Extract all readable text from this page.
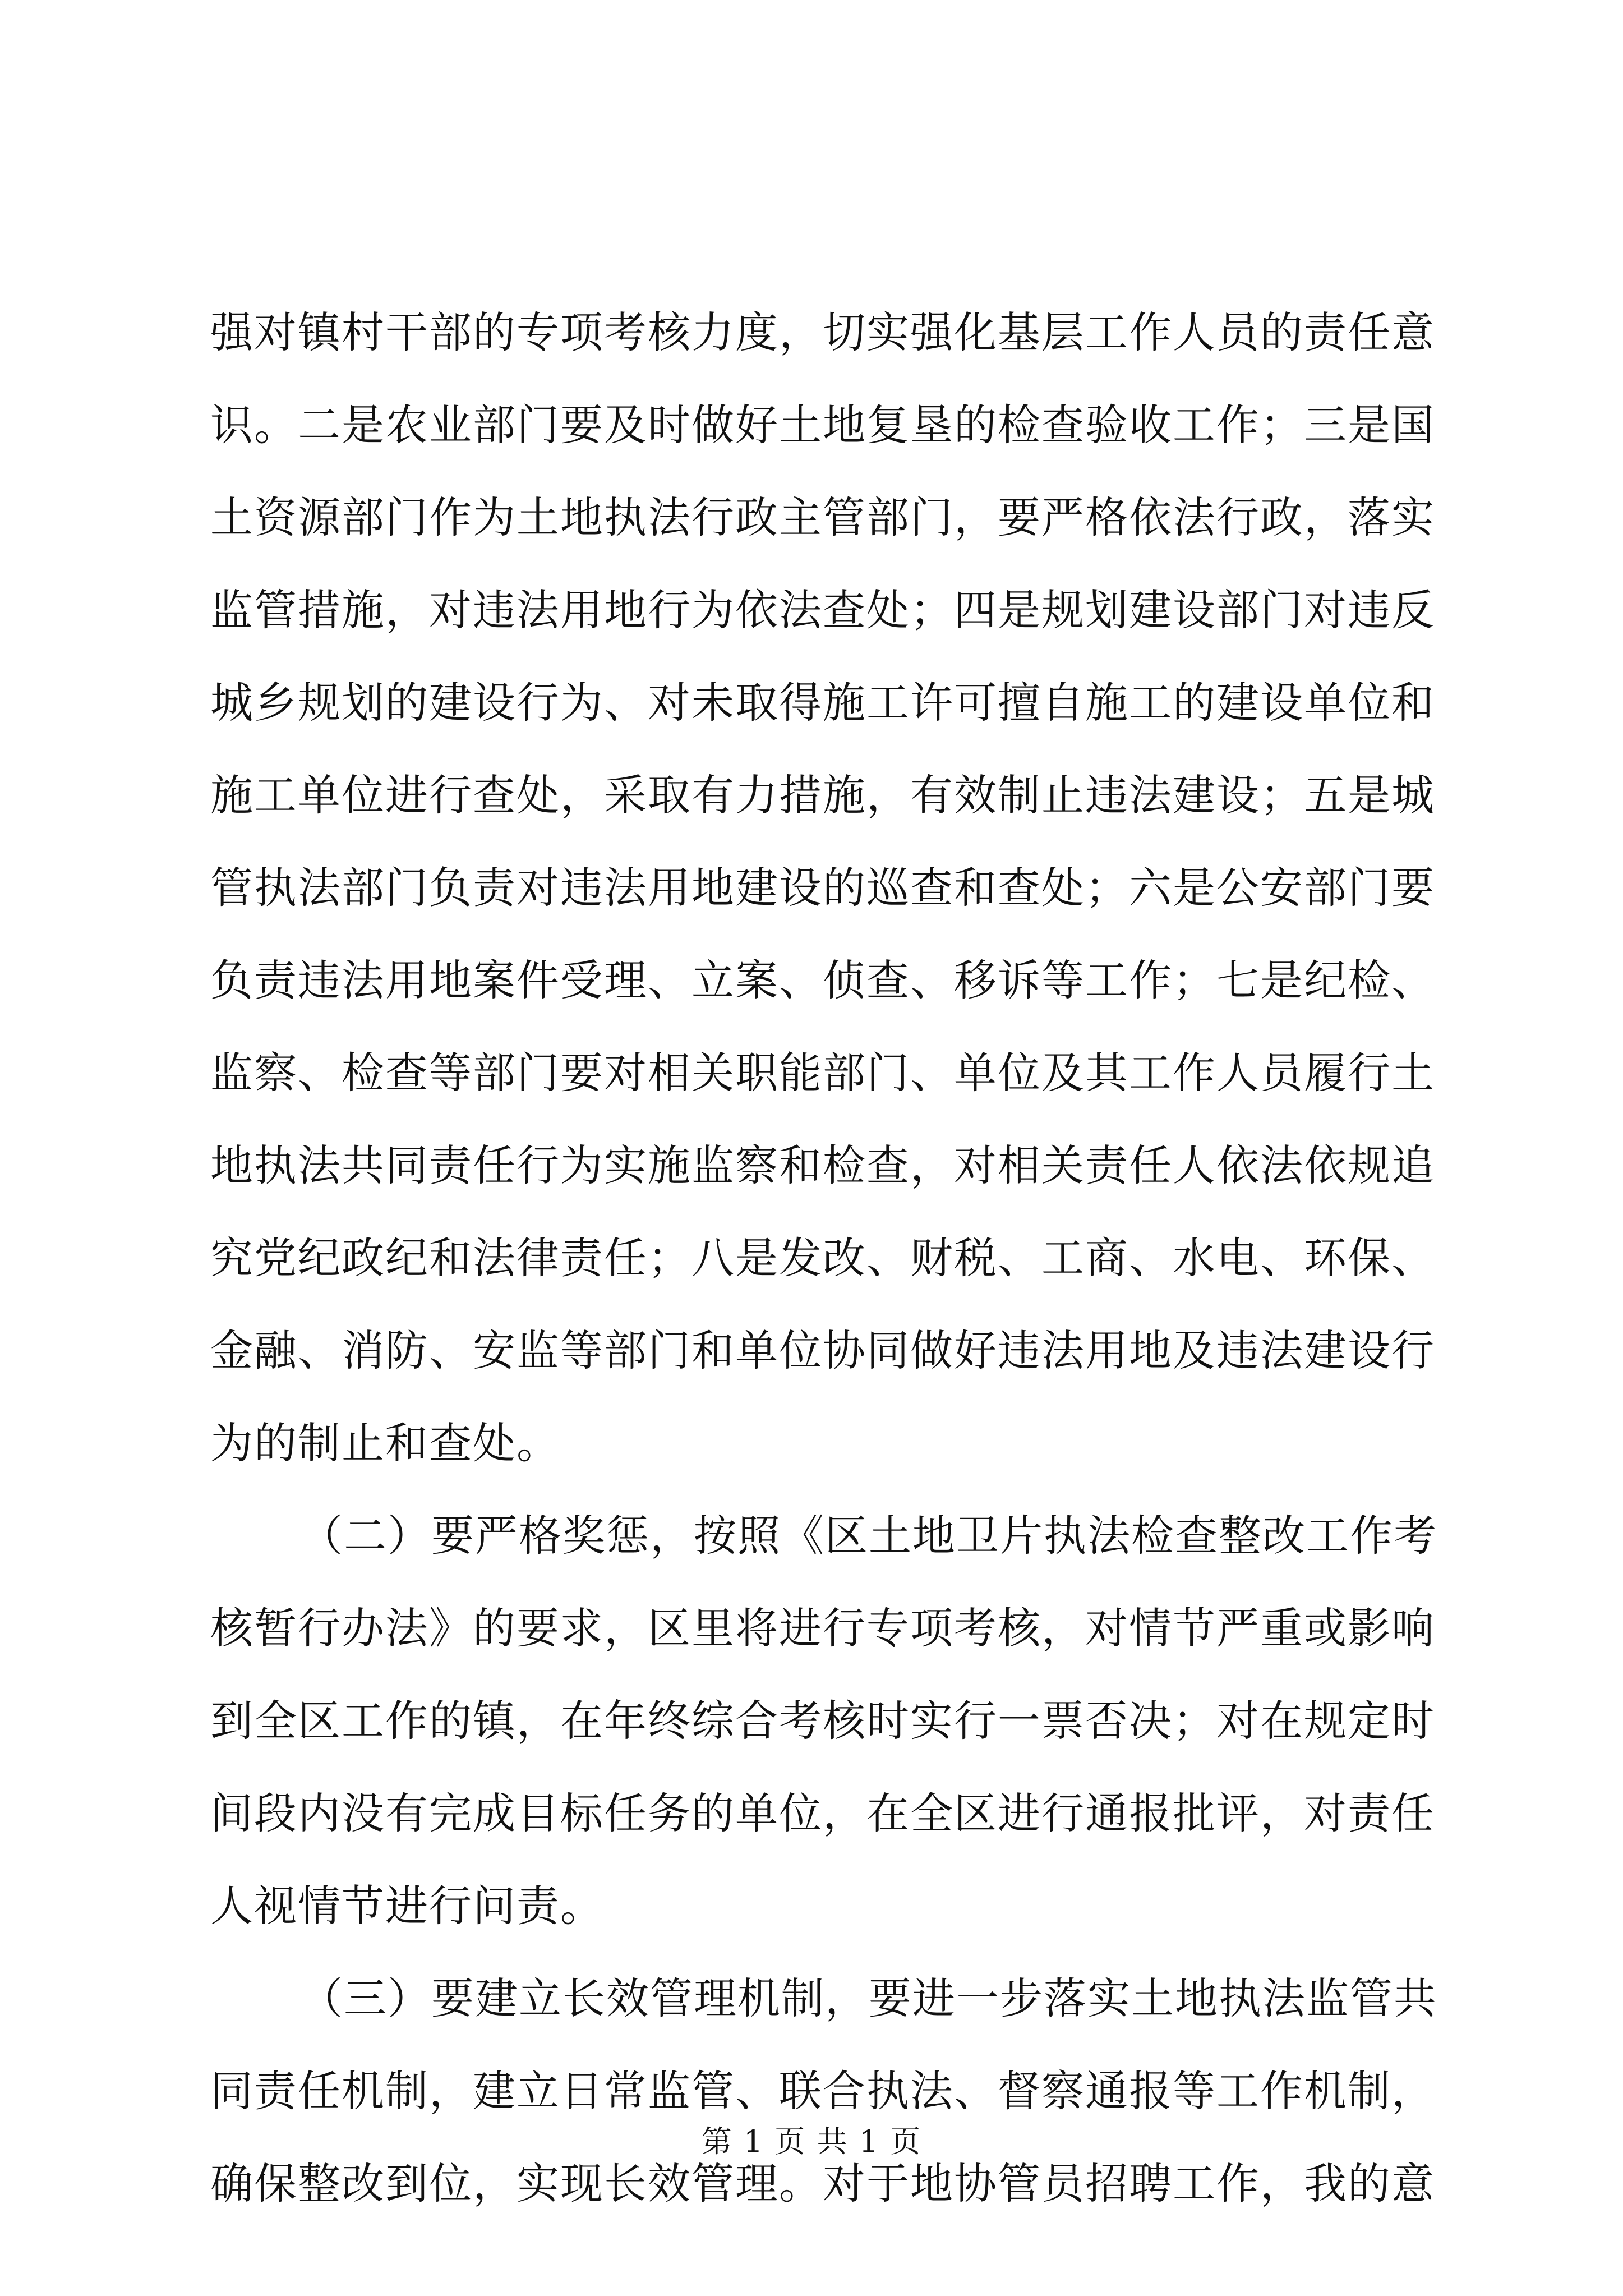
强对镇村干部的专项考核力度，切实强化基层工作人员的责任意
识。二是农业部门要及时做好土地复垦的检查验收工作；三是国
土资源部门作为土地执法行政主管部门，要严格依法行政，落实
监管措施，对违法用地行为依法查处；四是规划建设部门对违反
城乡规划的建设行为、对未取得施工许可擅自施工的建设单位和
施工单位进行查处，采取有力措施，有效制止违法建设；五是城
管执法部门负责对违法用地建设的巡查和查处；六是公安部门要
负责违法用地案件受理、立案、侦查、移诉等工作；七是纪检、
监察、检查等部门要对相关职能部门、单位及其工作人员履行土
地执法共同责任行为实施监察和检查，对相关责任人依法依规追
究党纪政纪和法律责任；八是发改、财税、工商、水电、环保、
金融、消防、安监等部门和单位协同做好违法用地及违法建设行
为的制止和查处。
（二）要严格奖惩，按照《区土地卫片执法检查整改工作考
核暂行办法》的要求，区里将进行专项考核，对情节严重或影响
到全区工作的镇，在年终综合考核时实行一票否决；对在规定时
间段内没有完成目标任务的单位，在全区进行通报批评，对责任
人视情节进行问责。
（三）要建立长效管理机制，要进一步落实土地执法监管共
同责任机制，建立日常监管、联合执法、督察通报等工作机制，
确保整改到位，实现长效管理。对于地协管员招聘工作，我的意
第 1 页 共 1 页
